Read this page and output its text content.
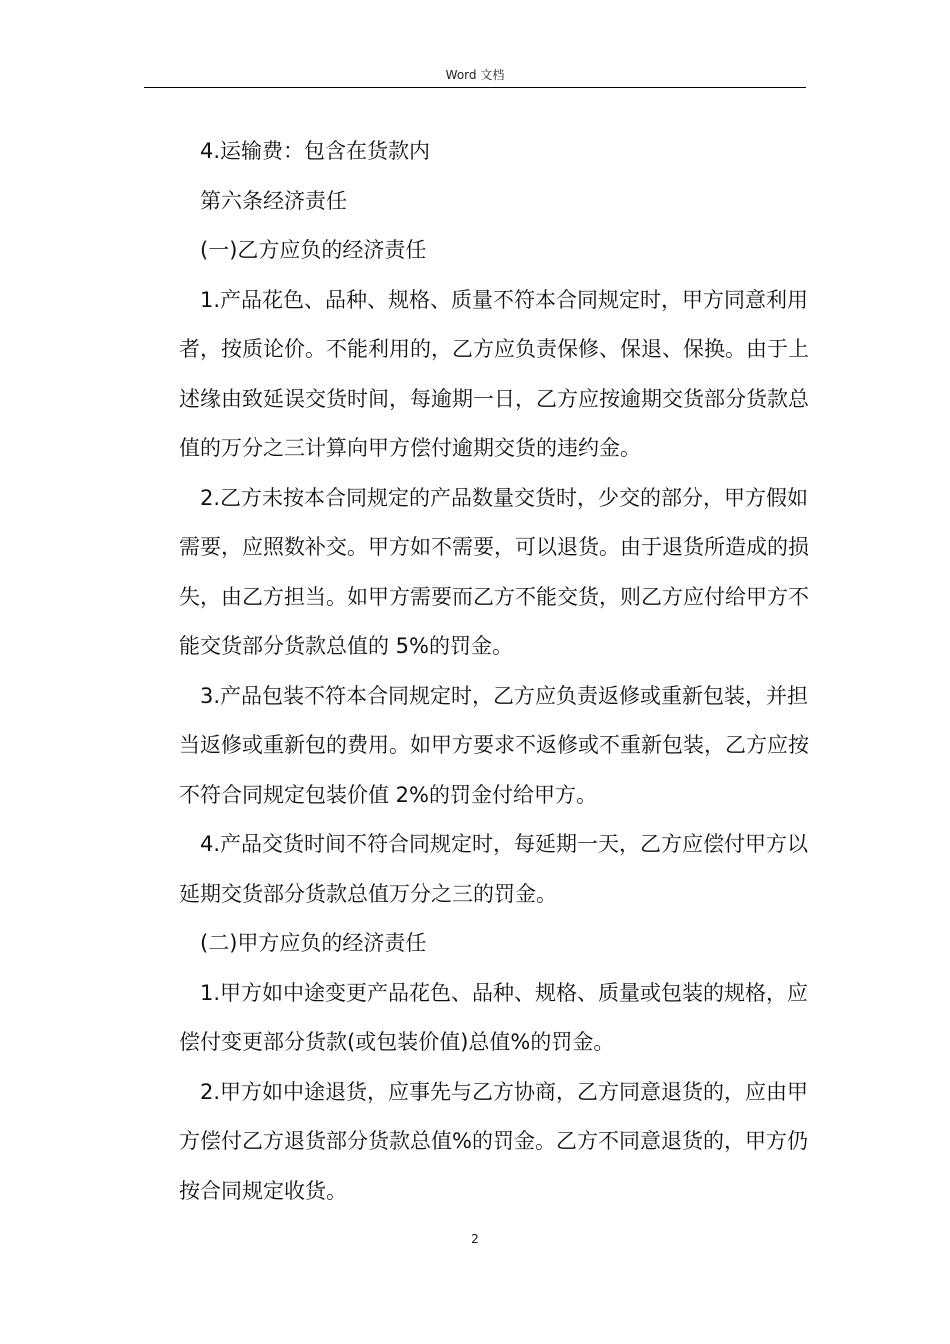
Word 文档

4.运输费：包含在货款内

第六条经济责任

(一)乙方应负的经济责任

1.产品花色、品种、规格、质量不符本合同规定时，甲方同意利用者，按质论价。不能利用的，乙方应负责保修、保退、保换。由于上述缘由致延误交货时间，每逾期一日，乙方应按逾期交货部分货款总值的万分之三计算向甲方偿付逾期交货的违约金。

2.乙方未按本合同规定的产品数量交货时，少交的部分，甲方假如需要，应照数补交。甲方如不需要，可以退货。由于退货所造成的损失，由乙方担当。如甲方需要而乙方不能交货，则乙方应付给甲方不能交货部分货款总值的 5%的罚金。

3.产品包装不符本合同规定时，乙方应负责返修或重新包装，并担当返修或重新包的费用。如甲方要求不返修或不重新包装，乙方应按不符合同规定包装价值 2%的罚金付给甲方。

4.产品交货时间不符合同规定时，每延期一天，乙方应偿付甲方以延期交货部分货款总值万分之三的罚金。

(二)甲方应负的经济责任

1.甲方如中途变更产品花色、品种、规格、质量或包装的规格，应偿付变更部分货款(或包装价值)总值%的罚金。

2.甲方如中途退货，应事先与乙方协商，乙方同意退货的，应由甲方偿付乙方退货部分货款总值%的罚金。乙方不同意退货的，甲方仍按合同规定收货。

2
